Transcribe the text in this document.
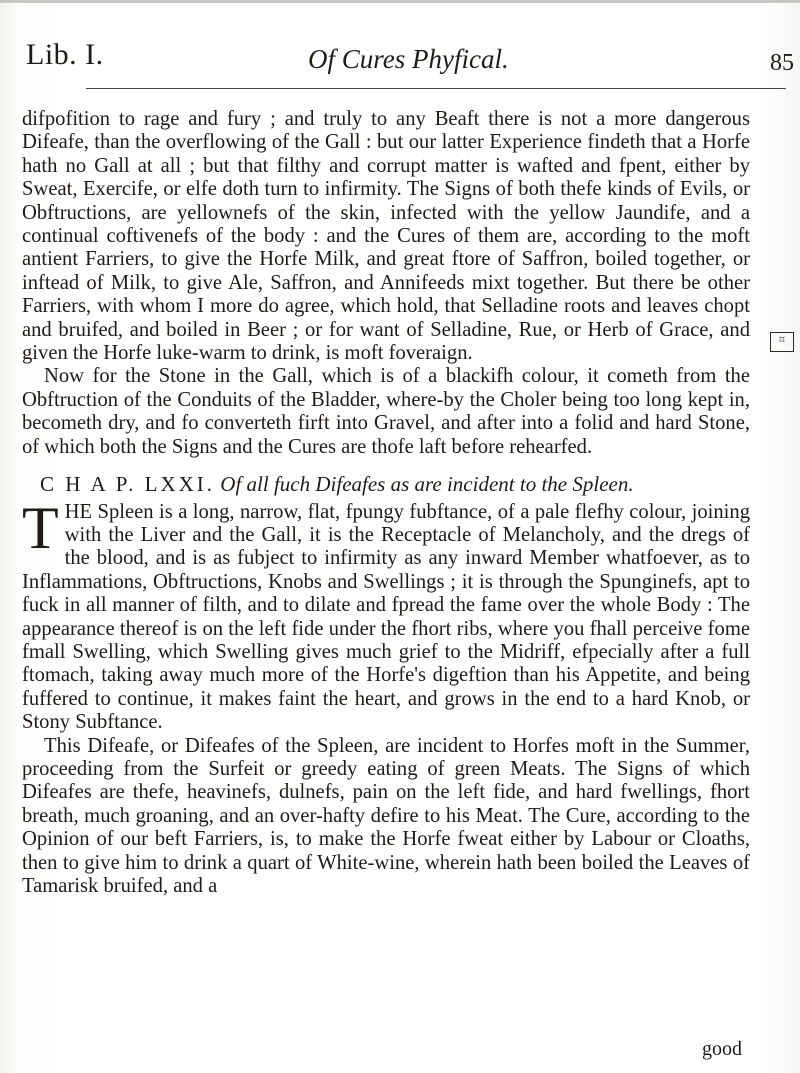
Lib. I.	Of Cures Phyfical.	85
⌑

difpofition to rage and fury ; and truly to any Beaft there is not a more dangerous Difeafe, than the overflowing of the Gall : but our latter Experience findeth that a Horfe hath no Gall at all ; but that filthy and corrupt matter is wafted and fpent, either by Sweat, Exercife, or elfe doth turn to infirmity. The Signs of both thefe kinds of Evils, or Obftructions, are yellownefs of the skin, infected with the yellow Jaundife, and a continual coftivenefs of the body : and the Cures of them are, according to the moft antient Farriers, to give the Horfe Milk, and great ftore of Saffron, boiled together, or inftead of Milk, to give Ale, Saffron, and Annifeeds mixt together. But there be other Farriers, with whom I more do agree, which hold, that Selladine roots and leaves chopt and bruifed, and boiled in Beer ; or for want of Selladine, Rue, or Herb of Grace, and given the Horfe luke-warm to drink, is moft foveraign.

Now for the Stone in the Gall, which is of a blackifh colour, it cometh from the Obftruction of the Conduits of the Bladder, where-by the Choler being too long kept in, becometh dry, and fo converteth firft into Gravel, and after into a folid and hard Stone, of which both the Signs and the Cures are thofe laft before rehearfed.

C H A P. LXXI. Of all fuch Difeafes as are incident to the Spleen.

THE Spleen is a long, narrow, flat, fpungy fubftance, of a pale flefhy colour, joining with the Liver and the Gall, it is the Receptacle of Melancholy, and the dregs of the blood, and is as fubject to infirmity as any inward Member whatfoever, as to Inflammations, Obftructions, Knobs and Swellings ; it is through the Spunginefs, apt to fuck in all manner of filth, and to dilate and fpread the fame over the whole Body : The appearance thereof is on the left fide under the fhort ribs, where you fhall perceive fome fmall Swelling, which Swelling gives much grief to the Midriff, efpecially after a full ftomach, taking away much more of the Horfe's digeftion than his Appetite, and being fuffered to continue, it makes faint the heart, and grows in the end to a hard Knob, or Stony Subftance.

This Difeafe, or Difeafes of the Spleen, are incident to Horfes moft in the Summer, proceeding from the Surfeit or greedy eating of green Meats. The Signs of which Difeafes are thefe, heavinefs, dulnefs, pain on the left fide, and hard fwellings, fhort breath, much groaning, and an over-hafty defire to his Meat. The Cure, according to the Opinion of our beft Farriers, is, to make the Horfe fweat either by Labour or Cloaths, then to give him to drink a quart of White-wine, wherein hath been boiled the Leaves of Tamarisk bruifed, and a

good
